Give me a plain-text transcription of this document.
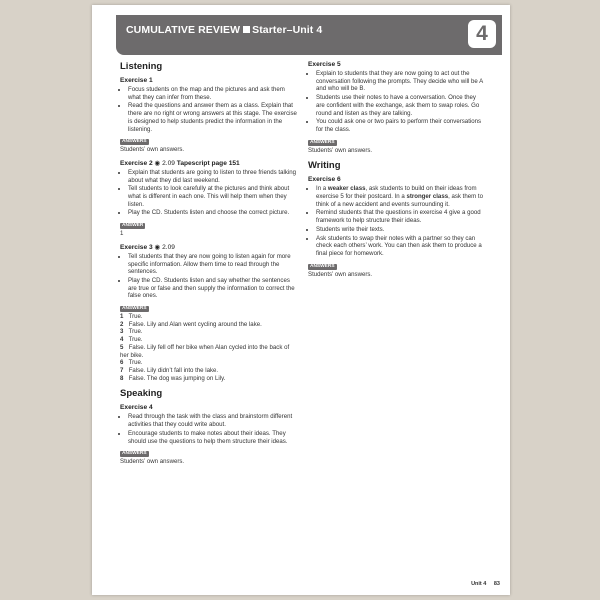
CUMULATIVE REVIEW Starter–Unit 4	4
Listening
Exercise 1
• Focus students on the map and the pictures and ask them what they can infer from these.
• Read the questions and answer them as a class. Explain that there are no right or wrong answers at this stage. The exercise is designed to help students predict the information in the listening.
ANSWERS
Students’ own answers.
Exercise 2 ◉ 2.09 Tapescript page 151
• Explain that students are going to listen to three friends talking about what they did last weekend.
• Tell students to look carefully at the pictures and think about what is different in each one. This will help them when they listen.
• Play the CD. Students listen and choose the correct picture.
ANSWER
1
Exercise 3 ◉ 2.09
• Tell students that they are now going to listen again for more specific information. Allow them time to read through the sentences.
• Play the CD. Students listen and say whether the sentences are true or false and then supply the information to correct the false ones.
ANSWERS
1 True.
2 False. Lily and Alan went cycling around the lake.
3 True.
4 True.
5 False. Lily fell off her bike when Alan cycled into the back of her bike.
6 True.
7 False. Lily didn’t fall into the lake.
8 False. The dog was jumping on Lily.
Speaking
Exercise 4
• Read through the task with the class and brainstorm different activities that they could write about.
• Encourage students to make notes about their ideas. They should use the questions to help them structure their ideas.
ANSWERS
Students’ own answers.
Exercise 5
• Explain to students that they are now going to act out the conversation following the prompts. They decide who will be A and who will be B.
• Students use their notes to have a conversation. Once they are confident with the exchange, ask them to swap roles. Go round and listen as they are talking.
• You could ask one or two pairs to perform their conversations for the class.
ANSWERS
Students’ own answers.
Writing
Exercise 6
• In a weaker class, ask students to build on their ideas from exercise 5 for their postcard. In a stronger class, ask them to think of a new accident and events surrounding it.
• Remind students that the questions in exercise 4 give a good framework to help structure their ideas.
• Students write their texts.
• Ask students to swap their notes with a partner so they can check each others’ work. You can then ask them to produce a final piece for homework.
ANSWERS
Students’ own answers.
Unit 4 83
